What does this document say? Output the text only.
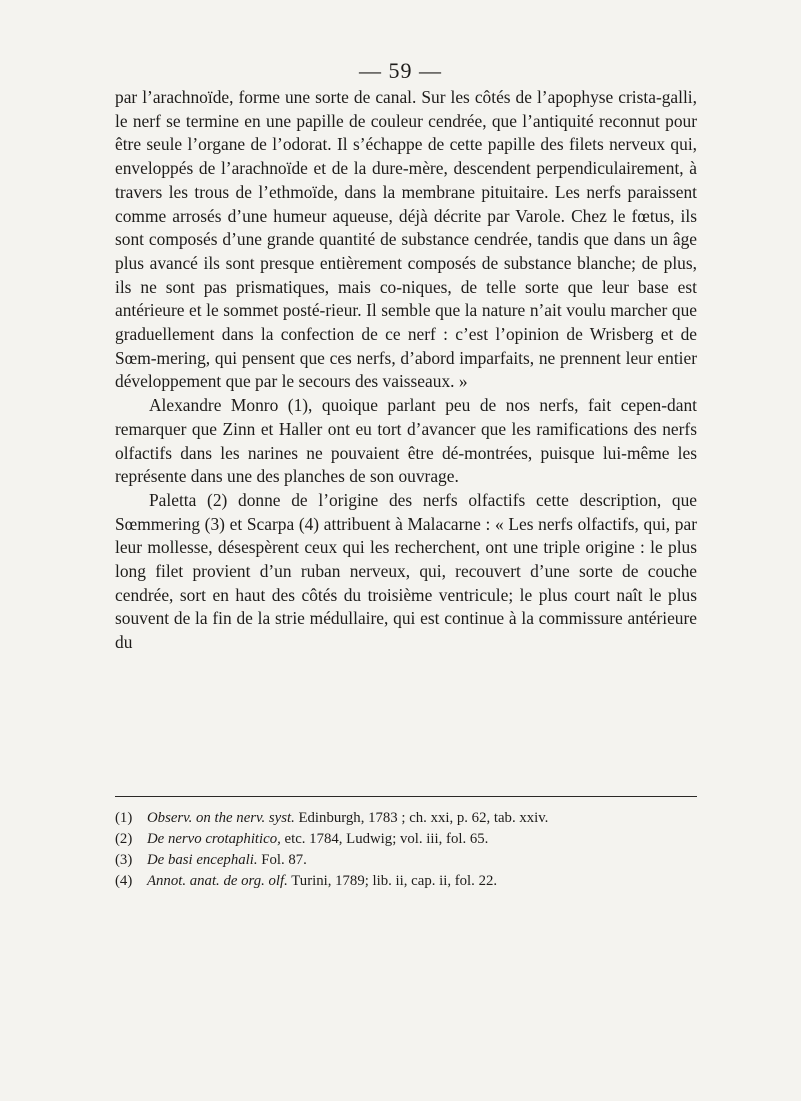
— 59 —

par l’arachnoïde, forme une sorte de canal. Sur les côtés de l’apophyse crista-galli, le nerf se termine en une papille de couleur cendrée, que l’antiquité reconnut pour être seule l’organe de l’odorat. Il s’échappe de cette papille des filets nerveux qui, enveloppés de l’arachnoïde et de la dure-mère, descendent perpendiculairement, à travers les trous de l’ethmoïde, dans la membrane pituitaire. Les nerfs paraissent comme arrosés d’une humeur aqueuse, déjà décrite par Varole. Chez le fœtus, ils sont composés d’une grande quantité de substance cendrée, tandis que dans un âge plus avancé ils sont presque entièrement composés de substance blanche; de plus, ils ne sont pas prismatiques, mais co-niques, de telle sorte que leur base est antérieure et le sommet posté-rieur. Il semble que la nature n’ait voulu marcher que graduellement dans la confection de ce nerf : c’est l’opinion de Wrisberg et de Sœm-mering, qui pensent que ces nerfs, d’abord imparfaits, ne prennent leur entier développement que par le secours des vaisseaux. »

Alexandre Monro (1), quoique parlant peu de nos nerfs, fait cepen-dant remarquer que Zinn et Haller ont eu tort d’avancer que les ramifications des nerfs olfactifs dans les narines ne pouvaient être dé-montrées, puisque lui-même les représente dans une des planches de son ouvrage.

Paletta (2) donne de l’origine des nerfs olfactifs cette description, que Sœmmering (3) et Scarpa (4) attribuent à Malacarne : « Les nerfs olfactifs, qui, par leur mollesse, désespèrent ceux qui les recherchent, ont une triple origine : le plus long filet provient d’un ruban nerveux, qui, recouvert d’une sorte de couche cendrée, sort en haut des côtés du troisième ventricule; le plus court naît le plus souvent de la fin de la strie médullaire, qui est continue à la commissure antérieure du

(1) Observ. on the nerv. syst. Edinburgh, 1783 ; ch. xxi, p. 62, tab. xxiv.

(2) De nervo crotaphitico, etc. 1784, Ludwig; vol. iii, fol. 65.

(3) De basi encephali. Fol. 87.

(4) Annot. anat. de org. olf. Turini, 1789; lib. ii, cap. ii, fol. 22.
